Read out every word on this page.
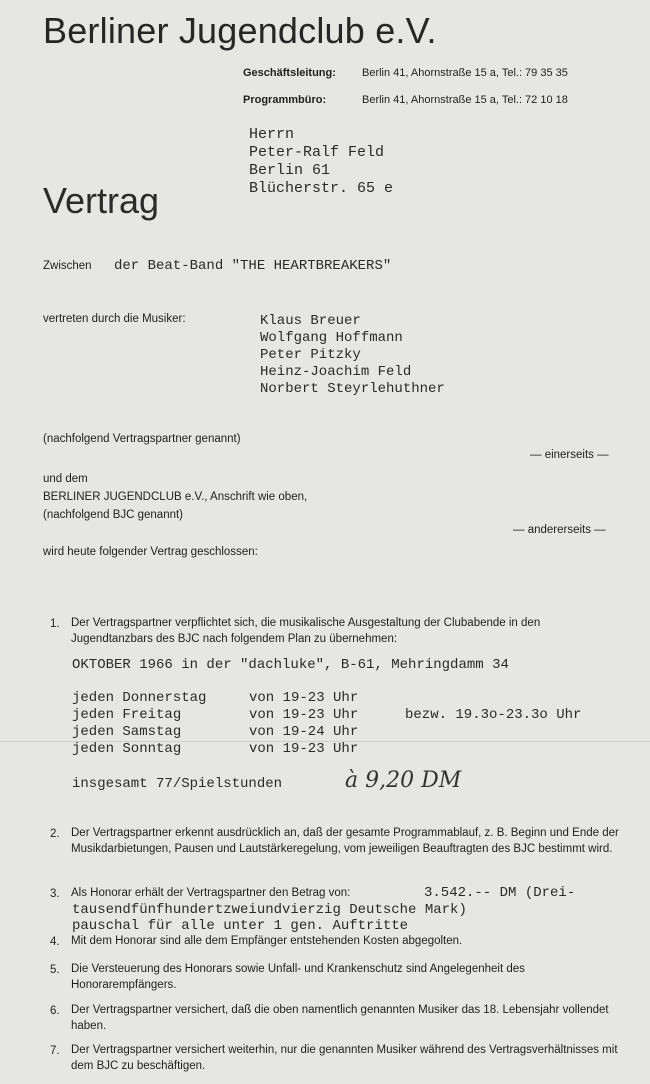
Berliner Jugendclub e.V.
Geschäftsleitung: Berlin 41, Ahornstraße 15 a, Tel.: 79 35 35
Programmbüro:	Berlin 41, Ahornstraße 15 a, Tel.: 72 10 18
Herrn
Peter-Ralf Feld
Berlin 61
Blücherstr. 65 e
Vertrag
Zwischen der Beat-Band "THE HEARTBREAKERS"
vertreten durch die Musiker:	Klaus Breuer
Wolfgang Hoffmann
Peter Pitzky
Heinz-Joachim Feld
Norbert Steyrlehuthner
(nachfolgend Vertragspartner genannt)
— einerseits —
und dem
BERLINER JUGENDCLUB e.V., Anschrift wie oben,
(nachfolgend BJC genannt)
— andererseits —
wird heute folgender Vertrag geschlossen:
1. Der Vertragspartner verpflichtet sich, die musikalische Ausgestaltung der Clubabende in den Jugendtanzbars des BJC nach folgendem Plan zu übernehmen:
OKTOBER 1966 in der "dachluke", B-61, Mehringdamm 34
jeden Donnerstag	von 19-23 Uhr
jeden Freitag	von 19-23 Uhr	bezw. 19.3o-23.3o Uhr
jeden Samstag	von 19-24 Uhr
jeden Sonntag	von 19-23 Uhr
insgesamt 77/Spielstunden	à 9,20 DM
2. Der Vertragspartner erkennt ausdrücklich an, daß der gesamte Programmablauf, z. B. Beginn und Ende der Musikdarbietungen, Pausen und Lautstärkeregelung, vom jeweiligen Beauftragten des BJC bestimmt wird.
3. Als Honorar erhält der Vertragspartner den Betrag von:	3.542.-- DM (Drei-
tausendfünfhundertzweiundvierzig Deutsche Mark)
pauschal für alle unter 1 gen. Auftritte
4. Mit dem Honorar sind alle dem Empfänger entstehenden Kosten abgegolten.
5. Die Versteuerung des Honorars sowie Unfall- und Krankenschutz sind Angelegenheit des Honorarempfängers.
6. Der Vertragspartner versichert, daß die oben namentlich genannten Musiker das 18. Lebensjahr vollendet haben.
7. Der Vertragspartner versichert weiterhin, nur die genannten Musiker während des Vertragsverhältnisses mit dem BJC zu beschäftigen.
